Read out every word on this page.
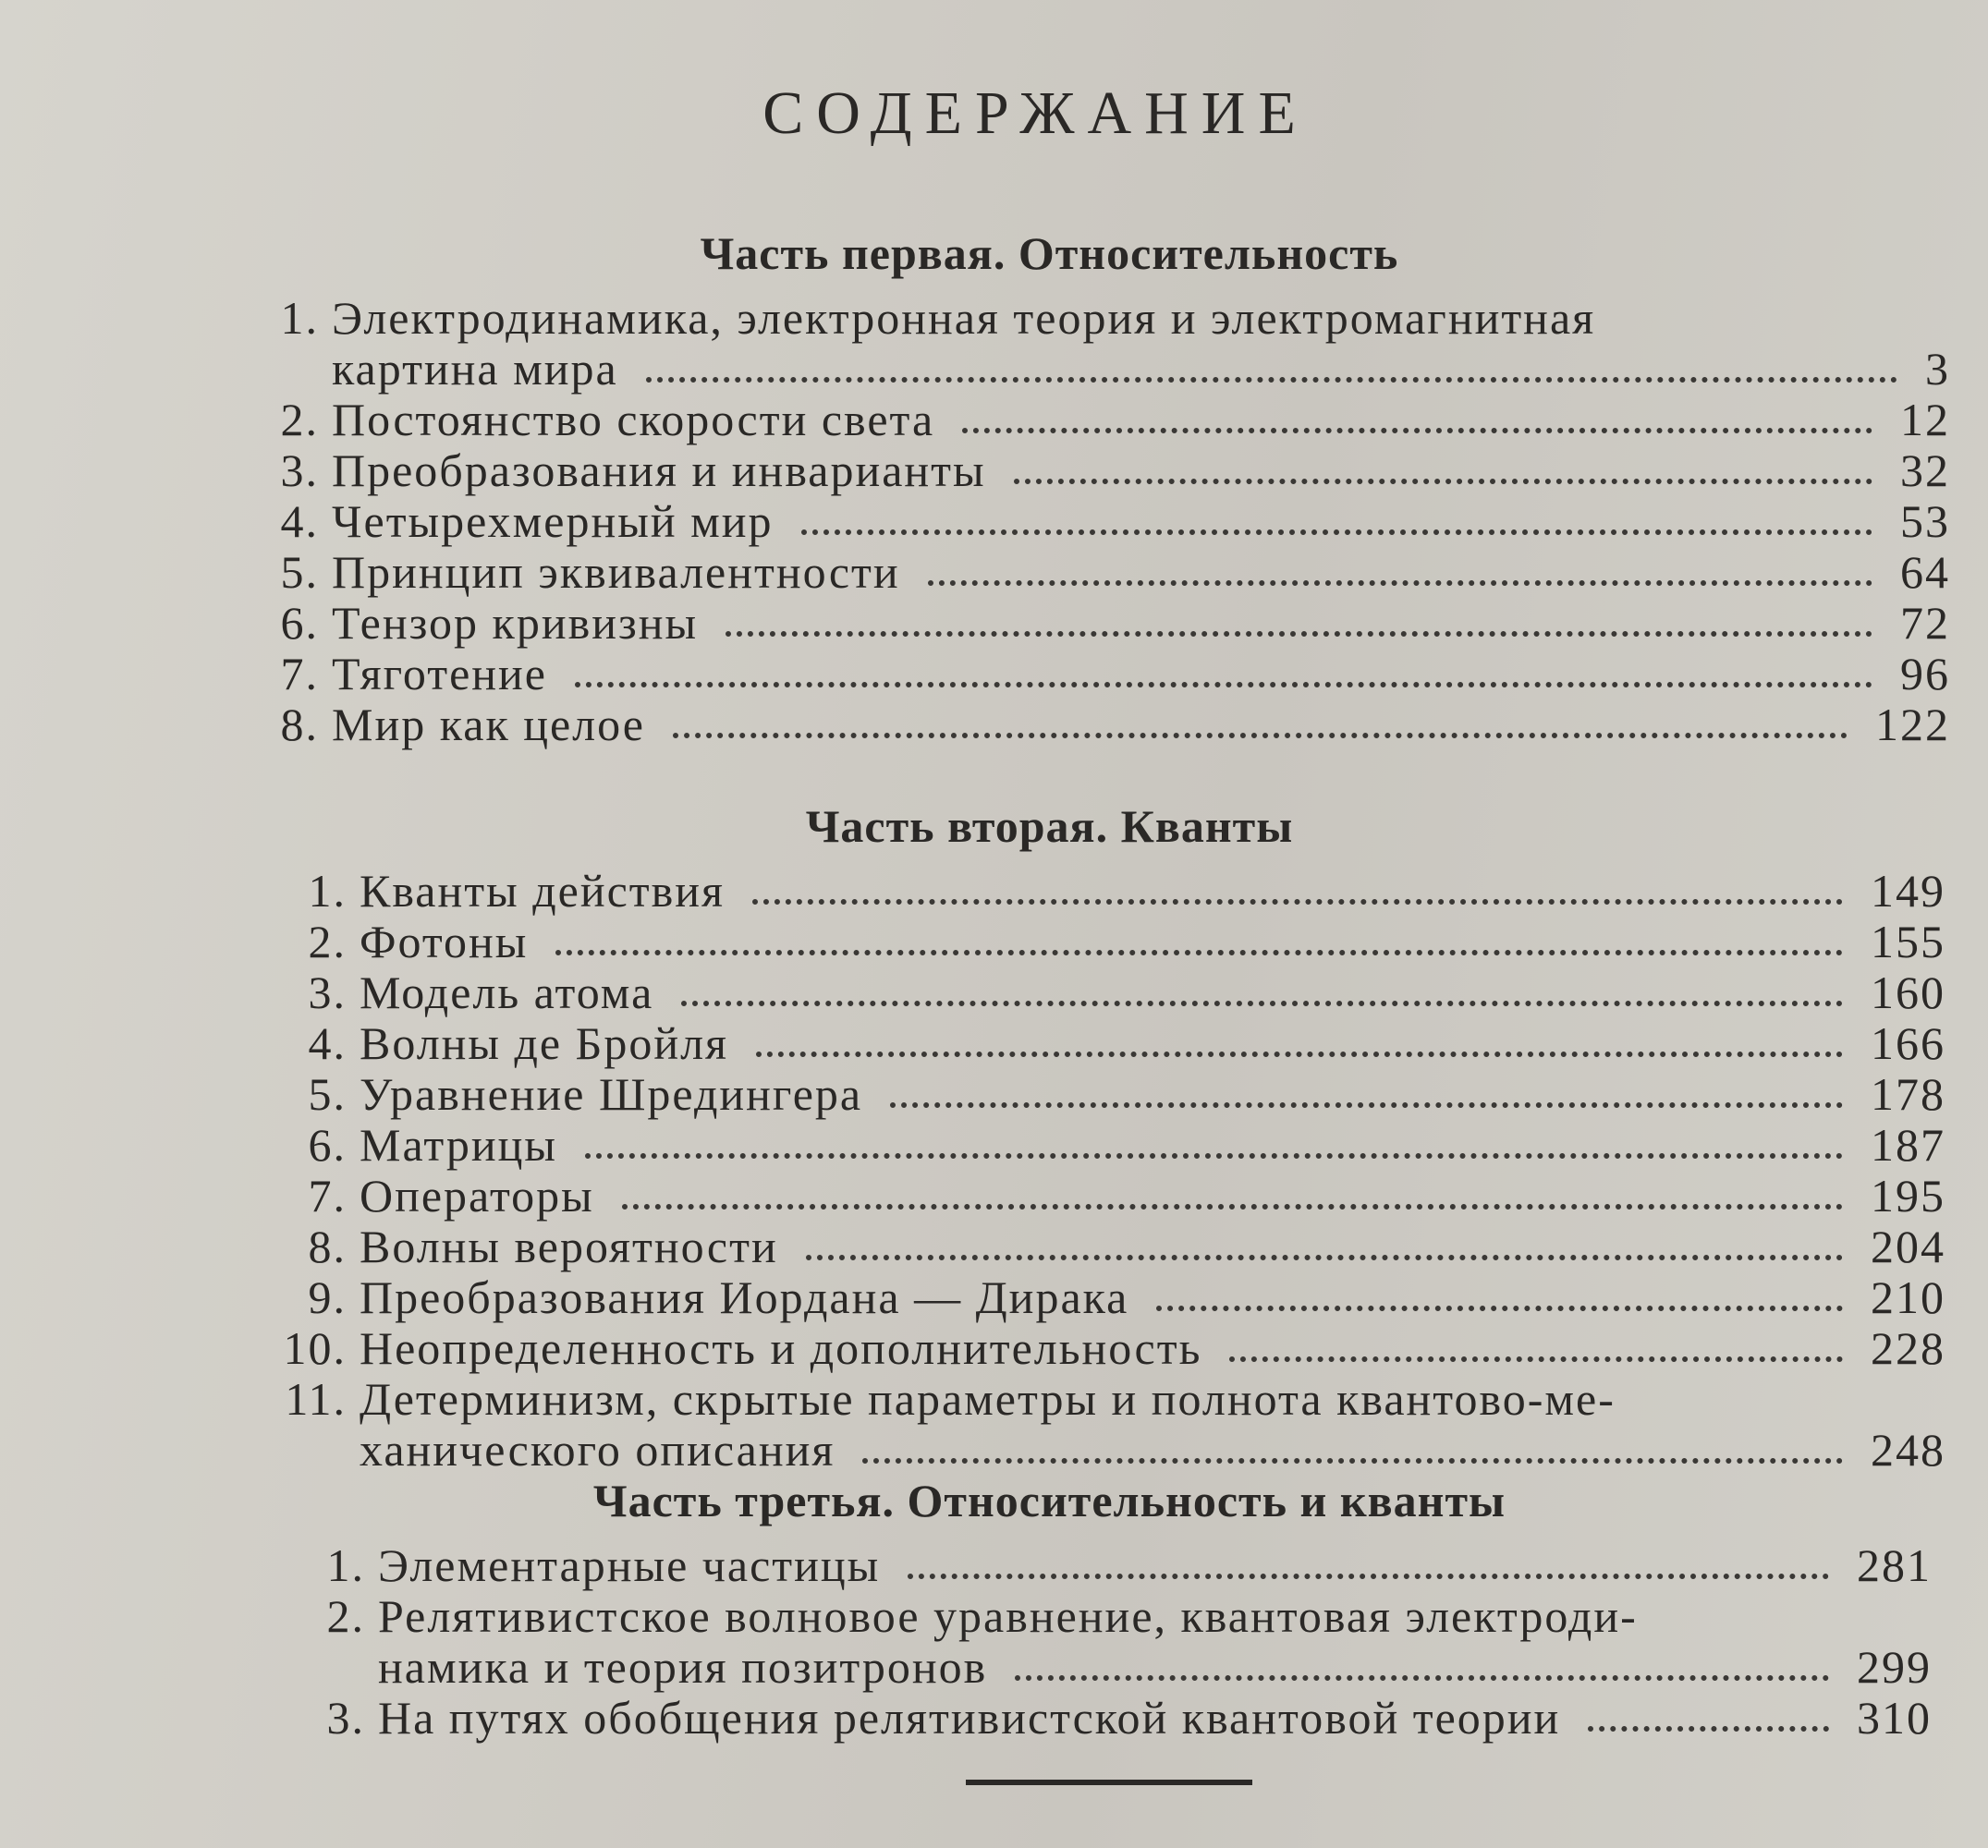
СОДЕРЖАНИЕ
Часть первая. Относительность
1. Электродинамика, электронная теория и электромагнитная
картина мира	3
2. Постоянство скорости света	12
3. Преобразования и инварианты	32
4. Четырехмерный мир	53
5. Принцип эквивалентности	64
6. Тензор кривизны	72
7. Тяготение	96
8. Мир как целое	122
Часть вторая. Кванты
1. Кванты действия	149
2. Фотоны	155
3. Модель атома	160
4. Волны де Бройля	166
5. Уравнение Шредингера	178
6. Матрицы	187
7. Операторы	195
8. Волны вероятности	204
9. Преобразования Иордана — Дирака	210
10. Неопределенность и дополнительность	228
11. Детерминизм, скрытые параметры и полнота квантово-ме-
ханического описания	248
Часть третья. Относительность и кванты
1. Элементарные частицы	281
2. Релятивистское волновое уравнение, квантовая электроди-
намика и теория позитронов	299
3. На путях обобщения релятивистской квантовой теории	310
